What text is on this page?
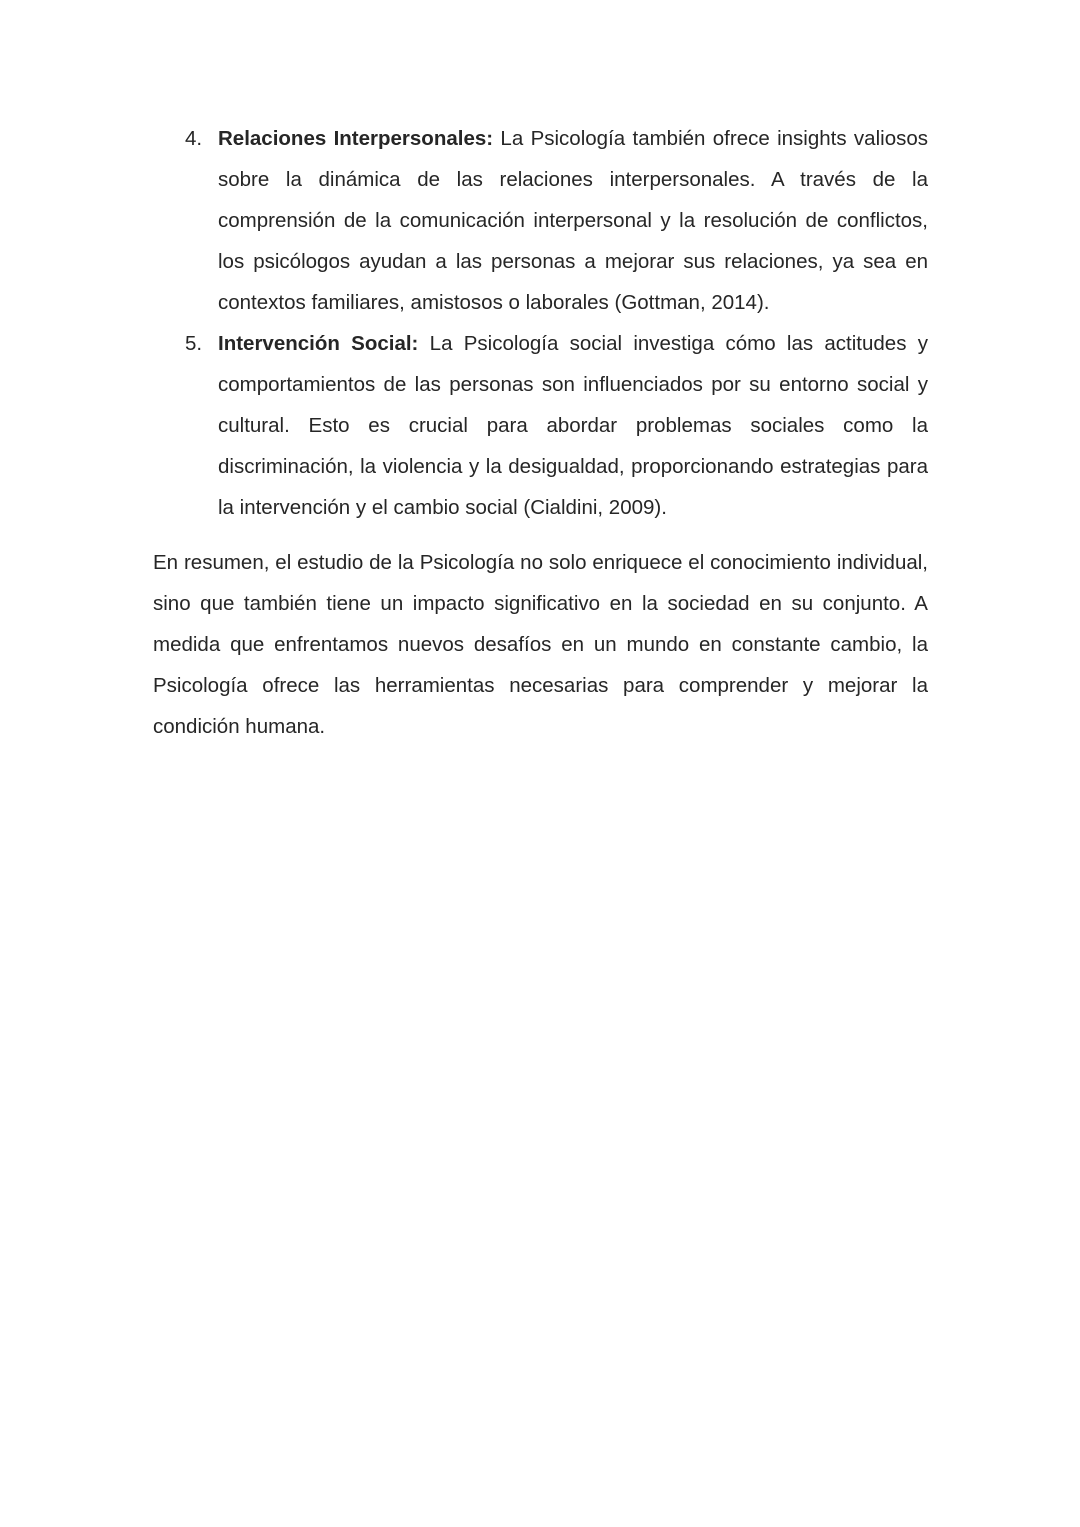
4. Relaciones Interpersonales: La Psicología también ofrece insights valiosos sobre la dinámica de las relaciones interpersonales. A través de la comprensión de la comunicación interpersonal y la resolución de conflictos, los psicólogos ayudan a las personas a mejorar sus relaciones, ya sea en contextos familiares, amistosos o laborales (Gottman, 2014).
5. Intervención Social: La Psicología social investiga cómo las actitudes y comportamientos de las personas son influenciados por su entorno social y cultural. Esto es crucial para abordar problemas sociales como la discriminación, la violencia y la desigualdad, proporcionando estrategias para la intervención y el cambio social (Cialdini, 2009).

En resumen, el estudio de la Psicología no solo enriquece el conocimiento individual, sino que también tiene un impacto significativo en la sociedad en su conjunto. A medida que enfrentamos nuevos desafíos en un mundo en constante cambio, la Psicología ofrece las herramientas necesarias para comprender y mejorar la condición humana.
